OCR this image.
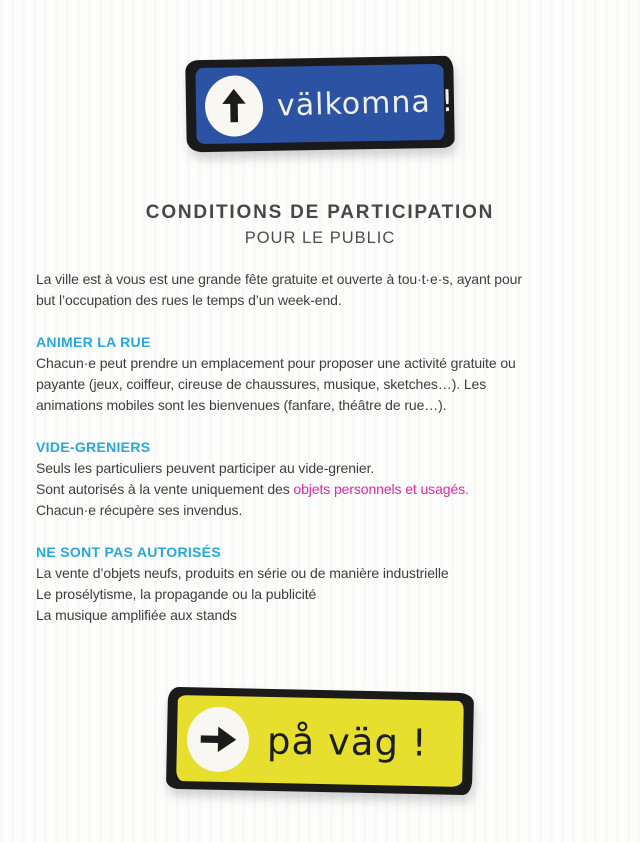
välkomna !
CONDITIONS DE PARTICIPATION
POUR LE PUBLIC
La ville est à vous est une grande fête gratuite et ouverte à tou·t·e·s, ayant pour
but l’occupation des rues le temps d’un week-end.
ANIMER LA RUE
Chacun·e peut prendre un emplacement pour proposer une activité gratuite ou
payante (jeux, coiffeur, cireuse de chaussures, musique, sketches…). Les
animations mobiles sont les bienvenues (fanfare, théâtre de rue…).
VIDE-GRENIERS
Seuls les particuliers peuvent participer au vide-grenier.
Sont autorisés à la vente uniquement des objets personnels et usagés.
Chacun·e récupère ses invendus.
NE SONT PAS AUTORISÉS
La vente d’objets neufs, produits en série ou de manière industrielle
Le prosélytisme, la propagande ou la publicité
La musique amplifiée aux stands
på väg !
